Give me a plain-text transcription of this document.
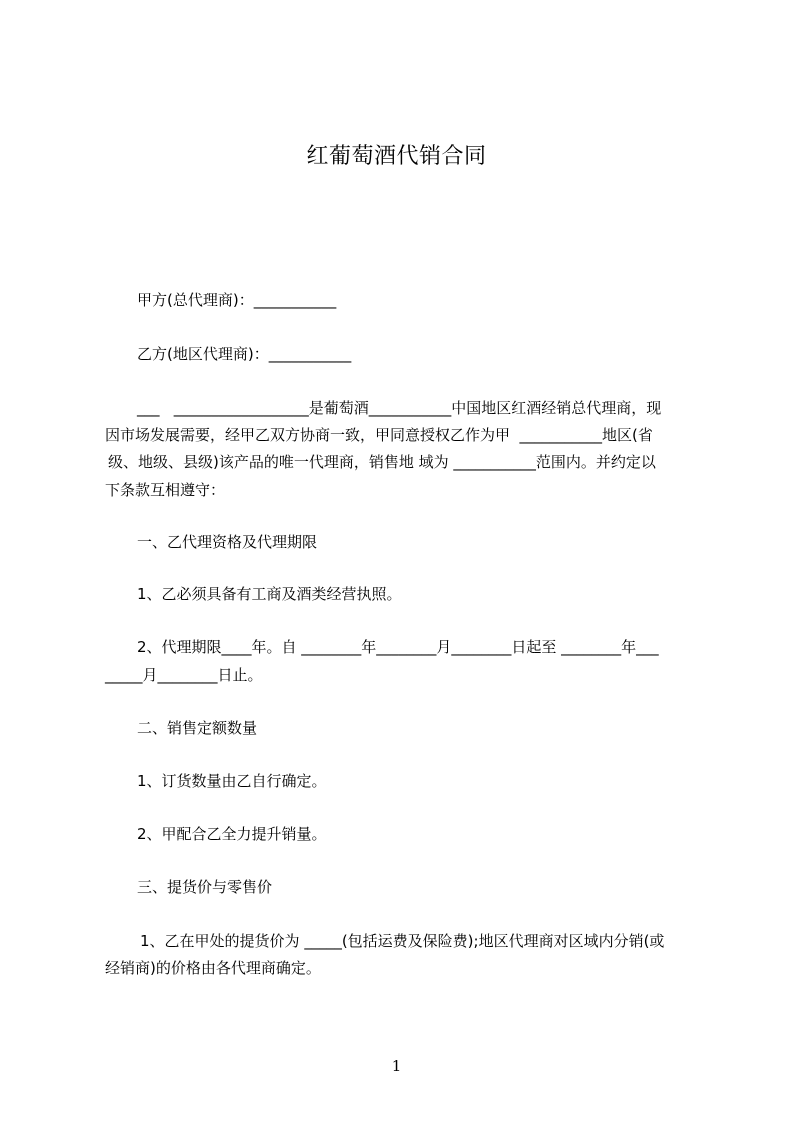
红葡萄酒代销合同
甲方(总代理商)：___________
乙方(地区代理商)：___________
___   __________________是葡萄酒___________中国地区红酒经销总代理商，现
因市场发展需要，经甲乙双方协商一致，甲同意授权乙作为甲  ___________地区(省
级、地级、县级)该产品的唯一代理商，销售地 域为 ___________范围内。并约定以
下条款互相遵守：
一、乙代理资格及代理期限
1、乙必须具备有工商及酒类经营执照。
2、代理期限____年。自 ________年________月________日起至 ________年___
_____月________日止。
二、销售定额数量
1、订货数量由乙自行确定。
2、甲配合乙全力提升销量。
三、提货价与零售价
1、乙在甲处的提货价为 _____(包括运费及保险费);地区代理商对区域内分销(或
经销商)的价格由各代理商确定。
1
